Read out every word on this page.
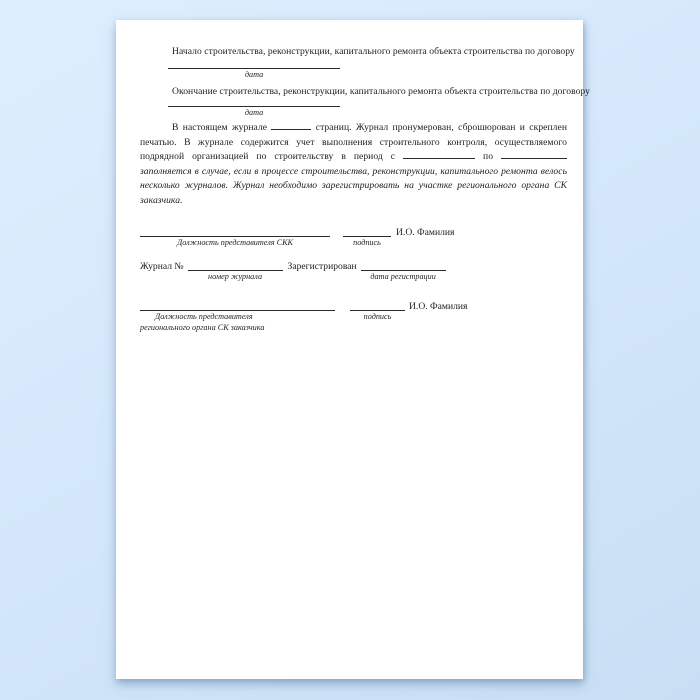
Начало строительства, реконструкции, капитального ремонта объекта строительства по договору

дата

Окончание строительства, реконструкции, капитального ремонта объекта строительства по договору

дата

В настоящем журнале	страниц. Журнал пронумерован, сброшюрован и скреплен печатью. В журнале содержится учет выполнения строительного контроля, осуществляемого подрядной организацией по строительству в период с	по  заполняется в случае, если в процессе строительства, реконструкции, капитального ремонта велось несколько журналов. Журнал необходимо зарегистрировать на участке регионального органа СК заказчика.

Должность представителя СКК	подпись
И.О. Фамилия
Журнал №
номер журнала
Зарегистрирован
дата регистрации
Должность представителя
регионального органа СК заказчика
подпись
И.О. Фамилия
